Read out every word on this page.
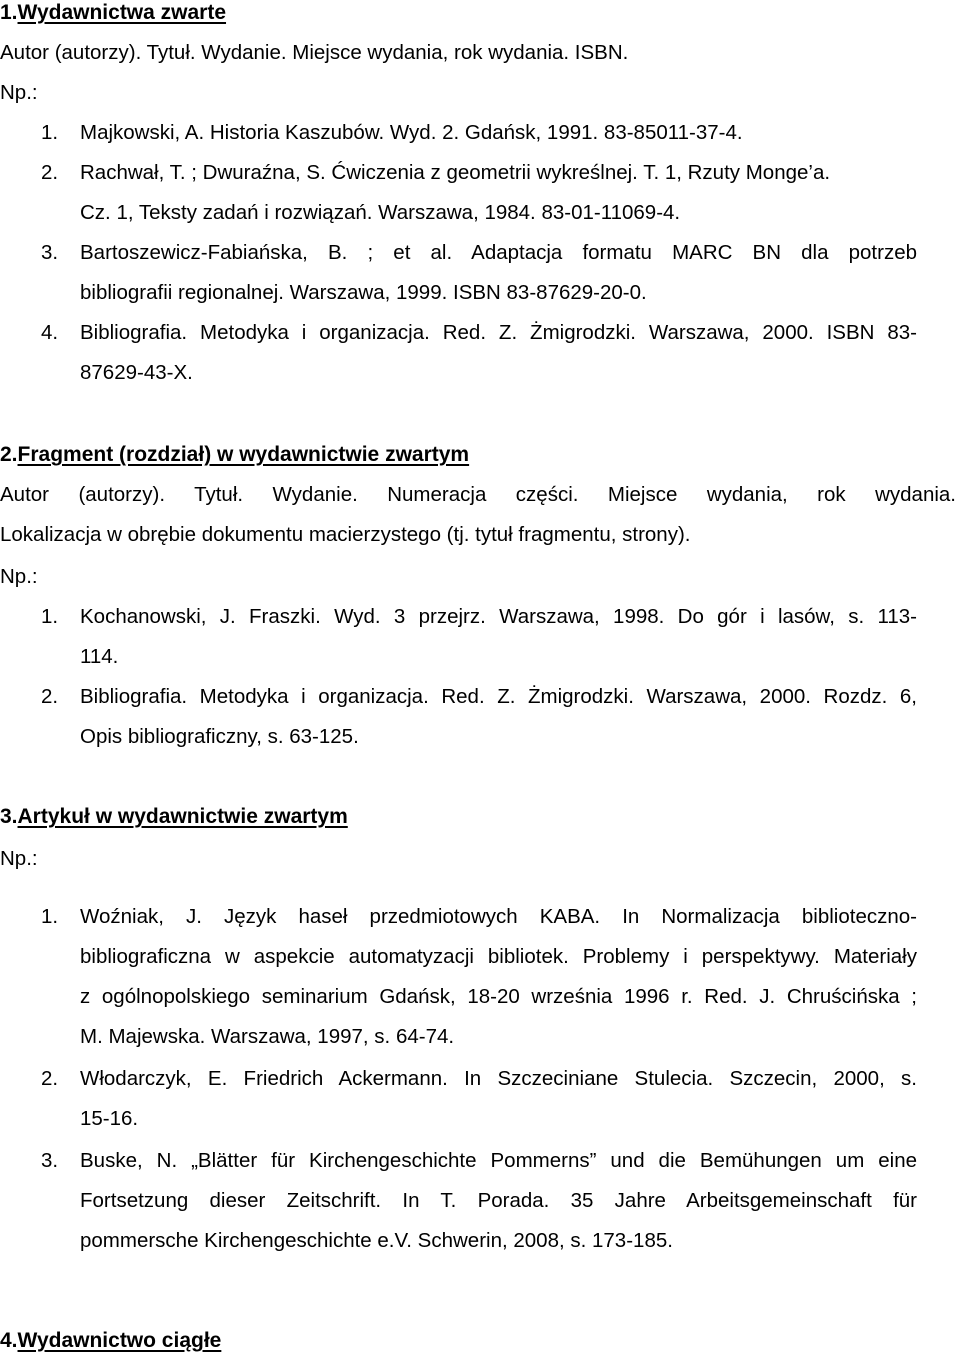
1.Wydawnictwa zwarte
Autor (autorzy). Tytuł. Wydanie. Miejsce wydania, rok wydania. ISBN.
Np.:
1. Majkowski, A. Historia Kaszubów. Wyd. 2. Gdańsk, 1991. 83-85011-37-4.
2. Rachwał, T. ; Dwuraźna, S. Ćwiczenia z geometrii wykreślnej. T. 1, Rzuty Monge’a.
Cz. 1, Teksty zadań i rozwiązań. Warszawa, 1984. 83-01-11069-4.
3. Bartoszewicz-Fabiańska, B. ; et al. Adaptacja formatu MARC BN dla potrzeb
bibliografii regionalnej. Warszawa, 1999. ISBN 83-87629-20-0.
4. Bibliografia. Metodyka i organizacja. Red. Z. Żmigrodzki. Warszawa, 2000. ISBN 83-
87629-43-X.
2.Fragment (rozdział) w wydawnictwie zwartym
Autor (autorzy). Tytuł. Wydanie. Numeracja części. Miejsce wydania, rok wydania.
Lokalizacja w obrębie dokumentu macierzystego (tj. tytuł fragmentu, strony).
Np.:
1. Kochanowski, J. Fraszki. Wyd. 3 przejrz. Warszawa, 1998. Do gór i lasów, s. 113-
114.
2. Bibliografia. Metodyka i organizacja. Red. Z. Żmigrodzki. Warszawa, 2000. Rozdz. 6,
Opis bibliograficzny, s. 63-125.
3.Artykuł w wydawnictwie zwartym
Np.:
1. Woźniak, J. Język haseł przedmiotowych KABA. In Normalizacja biblioteczno-
bibliograficzna w aspekcie automatyzacji bibliotek. Problemy i perspektywy. Materiały
z ogólnopolskiego seminarium Gdańsk, 18-20 września 1996 r. Red. J. Chruścińska ;
M. Majewska. Warszawa, 1997, s. 64-74.
2. Włodarczyk, E. Friedrich Ackermann. In Szczeciniane Stulecia. Szczecin, 2000, s.
15-16.
3. Buske, N. „Blätter für Kirchengeschichte Pommerns” und die Bemühungen um eine
Fortsetzung dieser Zeitschrift. In T. Porada. 35 Jahre Arbeitsgemeinschaft für
pommersche Kirchengeschichte e.V. Schwerin, 2008, s. 173-185.
4.Wydawnictwo ciągłe
